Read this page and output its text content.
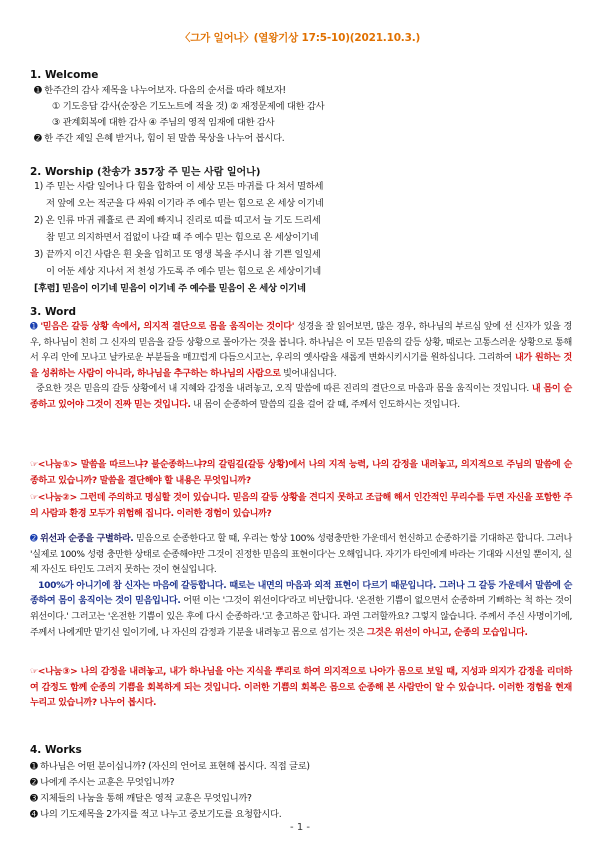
〈그가 일어나〉(열왕기상 17:5-10)(2021.10.3.)
1. Welcome
➊ 한주간의 감사 제목을 나누어보자. 다음의 순서를 따라 해보자!
① 기도응답 감사(순장은 기도노트에 적을 것) ② 재정문제에 대한 감사
③ 관계회복에 대한 감사 ④ 주님의 영적 임재에 대한 감사
➋ 한 주간 제일 은혜 받거나, 힘이 된 말씀 묵상을 나누어 봅시다.
2. Worship (찬송가 357장 주 믿는 사람 일어나)
1) 주 믿는 사람 일어나 다 힘을 합하여 이 세상 모든 마귀를 다 쳐서 멸하세
저 앞에 오는 적군을 다 싸워 이기라 주 예수 믿는 힘으로 온 세상 이기네
2) 온 인류 마귀 궤휼로 큰 죄에 빠지니 진리로 띠를 띠고서 늘 기도 드리세
참 믿고 의지하면서 겁없이 나갈 때 주 예수 믿는 힘으로 온 세상이기네
3) 끝까지 이긴 사람은 흰 옷을 입히고 또 영생 복을 주시니 참 기쁜 일일세
이 어둔 세상 지나서 저 천성 가도록 주 예수 믿는 힘으로 온 세상이기네
[후렴] 믿음이 이기네 믿음이 이기네 주 예수를 믿음이 온 세상 이기네
3. Word
➊ '믿음은 갈등 상황 속에서, 의지적 결단으로 몸을 움직이는 것이다' 성경을 잘 읽어보면, 많은 경우, 하나님의 부르심 앞에 선 신자가 있을 경우, 하나님이 친히 그 신자의 믿음을 갈등 상황으로 몰아가는 것을 봅니다. 하나님은 이 모든 믿음의 갈등 상황, 때로는 고통스러운 상황으로 통해서 우리 안에 모나고 날카로운 부분들을 매끄럽게 다듬으시고는, 우리의 옛사람을 새롭게 변화시키시기를 원하십니다. 그리하여 내가 원하는 것을 성취하는 사람이 아니라, 하나님을 추구하는 하나님의 사람으로 빚어내십니다.
중요한 것은 믿음의 갈등 상황에서 내 지혜와 감정을 내려놓고, 오직 말씀에 따른 진리의 결단으로 마음과 몸을 움직이는 것입니다. 내 몸이 순종하고 있어야 그것이 진짜 믿는 것입니다. 내 몸이 순종하여 말씀의 길을 걸어 갈 때, 주께서 인도하시는 것입니다.
☞<나눔①> 말씀을 따르느냐? 불순종하느냐?의 갈림길(갈등 상황)에서 나의 지적 능력, 나의 감정을 내려놓고, 의지적으로 주님의 말씀에 순종하고 있습니까? 말씀을 결단해야 할 내용은 무엇입니까?
☞<나눔②> 그런데 주의하고 명심할 것이 있습니다. 믿음의 갈등 상황을 견디지 못하고 조급해 해서 인간적인 무리수를 두면 자신을 포함한 주의 사람과 환경 모두가 위험해 집니다. 이러한 경험이 있습니까?
➋ 위선과 순종을 구별하라. 믿음으로 순종한다고 할 때, 우리는 항상 100% 성령충만한 가운데서 헌신하고 순종하기를 기대하곤 합니다. 그러나 '실제로 100% 성령 충만한 상태로 순종해야만 그것이 진정한 믿음의 표현이다'는 오해입니다. 자기가 타인에게 바라는 기대와 시선일 뿐이지, 실제 자신도 타인도 그러지 못하는 것이 현실입니다.
100%가 아니기에 참 신자는 마음에 갈등합니다. 때로는 내면의 마음과 외적 표현이 다르기 때문입니다. 그러나 그 갈등 가운데서 말씀에 순종하여 몸이 움직이는 것이 믿음입니다. 어떤 이는 '그것이 위선이다'라고 비난합니다. '온전한 기쁨이 없으면서 순종하며 기뻐하는 척 하는 것이 위선이다.' 그러고는 '온전한 기쁨이 있은 후에 다시 순종하라.'고 충고하곤 합니다. 과연 그러할까요? 그렇지 않습니다. 주께서 주신 사명이기에, 주께서 나에게만 맡기신 일이기에, 나 자신의 감정과 기분을 내려놓고 몸으로 섬기는 것은 그것은 위선이 아니고, 순종의 모습입니다.
☞<나눔③> 나의 감정을 내려놓고, 내가 하나님을 아는 지식을 뿌리로 하여 의지적으로 나아가 몸으로 보일 때, 지성과 의지가 감정을 리더하여 감정도 함께 순종의 기쁨을 회복하게 되는 것입니다. 이러한 기쁨의 회복은 몸으로 순종해 본 사람만이 알 수 있습니다. 이러한 경험을 현재 누리고 있습니까? 나누어 봅시다.
4. Works
➊ 하나님은 어떤 분이십니까? (자신의 언어로 표현해 봅시다. 직접 글로)
➋ 나에게 주시는 교훈은 무엇입니까?
➌ 지체들의 나눔을 통해 깨달은 영적 교훈은 무엇입니까?
➍ 나의 기도제목을 2가지를 적고 나누고 중보기도를 요청합시다.
- 1 -
